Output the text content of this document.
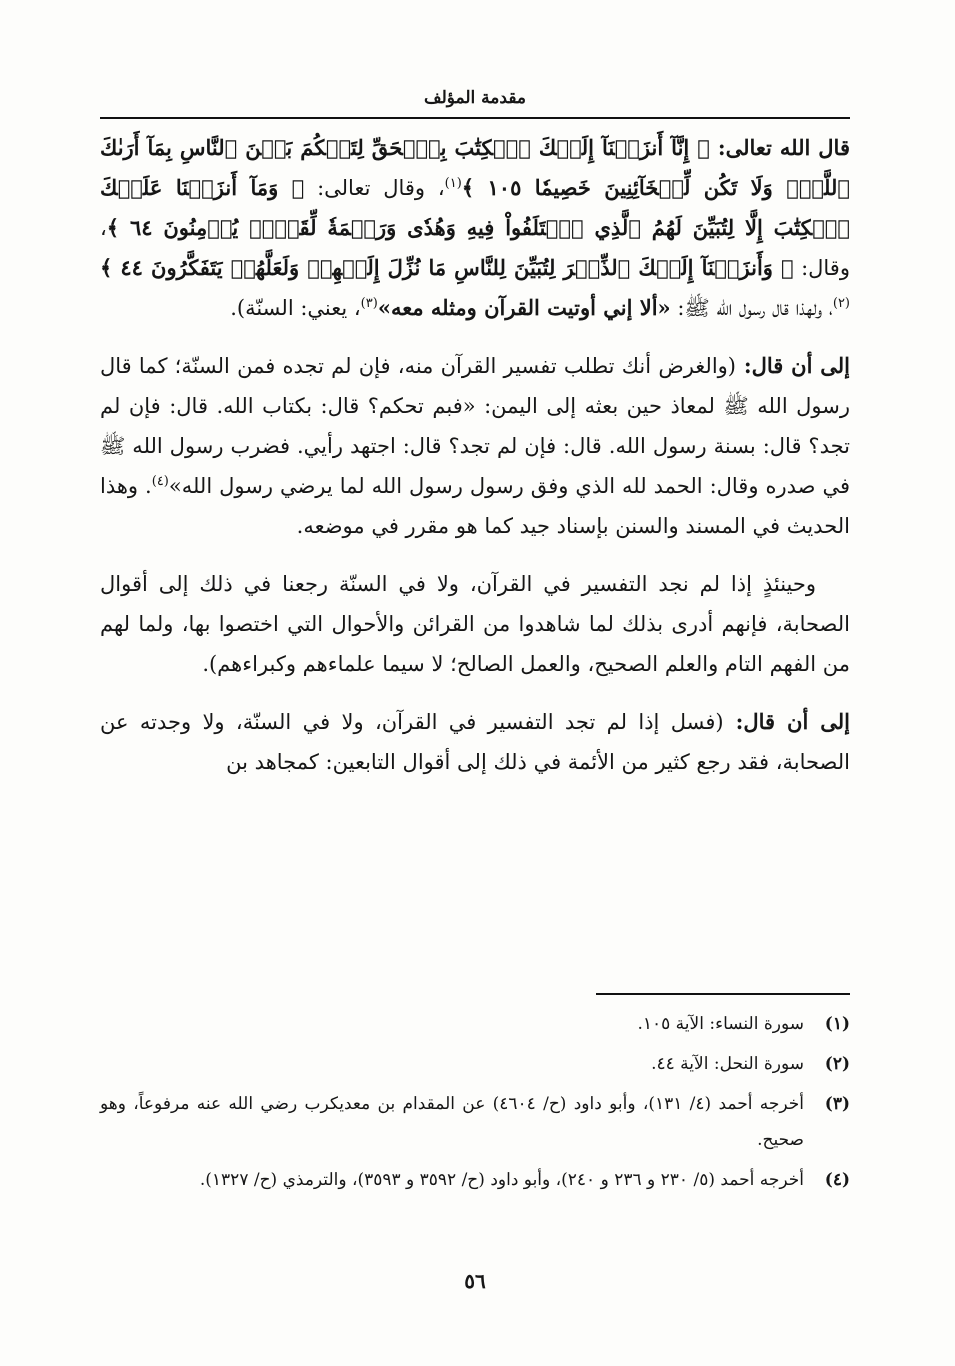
مقدمة المؤلف

قال الله تعالى: ﴿ إِنَّآ أَنزَلۡنَآ إِلَيۡكَ ٱلۡكِتَٰبَ بِٱلۡحَقِّ لِتَحۡكُمَ بَيۡنَ ٱلنَّاسِ بِمَآ أَرَىٰكَ ٱللَّهُۚ وَلَا تَكُن لِّلۡخَآئِنِينَ خَصِيمٗا ١٠٥ ﴾$^{(١)}$، وقال تعالى: ﴿ وَمَآ أَنزَلۡنَا عَلَيۡكَ ٱلۡكِتَٰبَ إِلَّا لِتُبَيِّنَ لَهُمُ ٱلَّذِي ٱخۡتَلَفُواْ فِيهِ وَهُدٗى وَرَحۡمَةٗ لِّقَوۡمٖ يُؤۡمِنُونَ ٦٤ ﴾، وقال: ﴿ وَأَنزَلۡنَآ إِلَيۡكَ ٱلذِّكۡرَ لِتُبَيِّنَ لِلنَّاسِ مَا نُزِّلَ إِلَيۡهِمۡ وَلَعَلَّهُمۡ يَتَفَكَّرُونَ ٤٤ ﴾$^{(٢)}$، ولهذا قال رسول الله ﷺ: «ألا إني أوتيت القرآن ومثله معه»$^{(٣)}$، يعني: السنّة).

إلى أن قال: (والغرض أنك تطلب تفسير القرآن منه، فإن لم تجده فمن السنّة؛ كما قال رسول الله ﷺ لمعاذ حين بعثه إلى اليمن: «فبم تحكم؟ قال: بكتاب الله. قال: فإن لم تجد؟ قال: بسنة رسول الله. قال: فإن لم تجد؟ قال: اجتهد رأيي. فضرب رسول الله ﷺ في صدره وقال: الحمد لله الذي وفق رسول رسول الله لما يرضي رسول الله»$^{(٤)}$. وهذا الحديث في المسند والسنن بإسناد جيد كما هو مقرر في موضعه.

وحينئذٍ إذا لم نجد التفسير في القرآن، ولا في السنّة رجعنا في ذلك إلى أقوال الصحابة، فإنهم أدرى بذلك لما شاهدوا من القرائن والأحوال التي اختصوا بها، ولما لهم من الفهم التام والعلم الصحيح، والعمل الصالح؛ لا سيما علماءهم وكبراءهم).

إلى أن قال: (فسل إذا لم تجد التفسير في القرآن، ولا في السنّة، ولا وجدته عن الصحابة، فقد رجع كثير من الأئمة في ذلك إلى أقوال التابعين: كمجاهد بن

(١)
سورة النساء: الآية ١٠٥.
(٢)
سورة النحل: الآية ٤٤.
(٣)
أخرجه أحمد (٤/ ١٣١)، وأبو داود (ح/ ٤٦٠٤) عن المقدام بن معديكرب رضي الله عنه مرفوعاً، وهو صحيح.
(٤)
أخرجه أحمد (٥/ ٢٣٠ و ٢٣٦ و ٢٤٠)، وأبو داود (ح/ ٣٥٩٢ و ٣٥٩٣)، والترمذي (ح/ ١٣٢٧).
٥٦
